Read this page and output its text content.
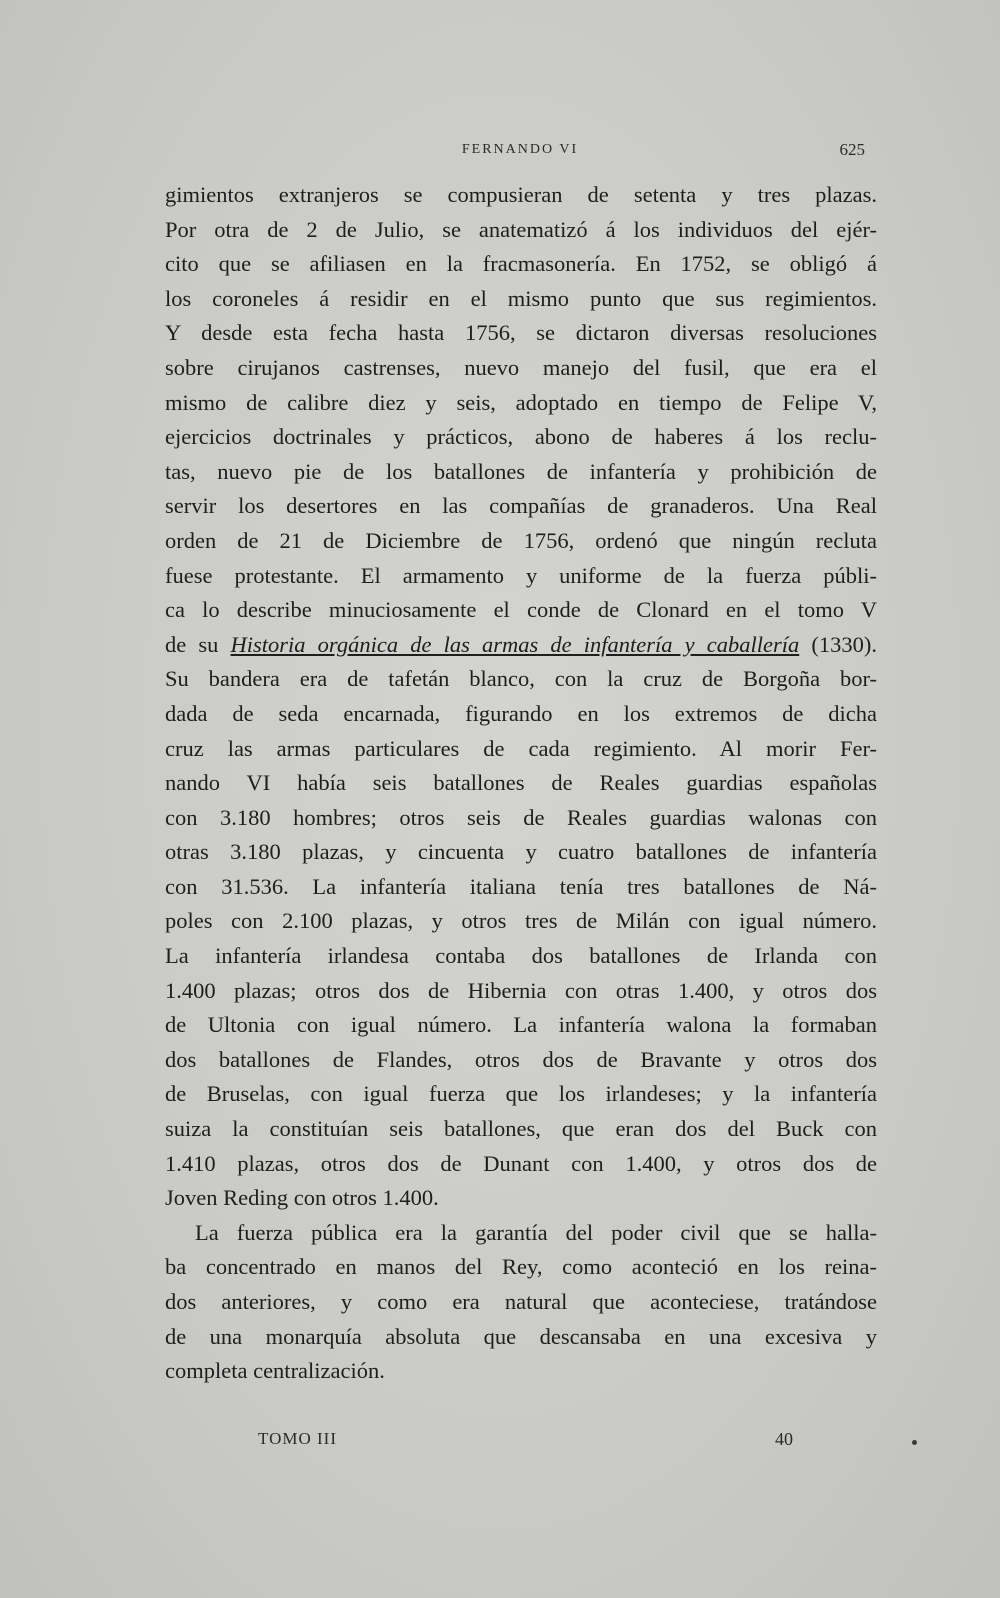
FERNANDO VI	625
gimientos extranjeros se compusieran de setenta y tres plazas.
Por otra de 2 de Julio, se anatematizó á los individuos del ejér-
cito que se afiliasen en la fracmasonería. En 1752, se obligó á
los coroneles á residir en el mismo punto que sus regimientos.
Y desde esta fecha hasta 1756, se dictaron diversas resoluciones
sobre cirujanos castrenses, nuevo manejo del fusil, que era el
mismo de calibre diez y seis, adoptado en tiempo de Felipe V,
ejercicios doctrinales y prácticos, abono de haberes á los reclu-
tas, nuevo pie de los batallones de infantería y prohibición de
servir los desertores en las compañías de granaderos. Una Real
orden de 21 de Diciembre de 1756, ordenó que ningún recluta
fuese protestante. El armamento y uniforme de la fuerza públi-
ca lo describe minuciosamente el conde de Clonard en el tomo V
de su Historia orgánica de las armas de infantería y caballería (1330).
Su bandera era de tafetán blanco, con la cruz de Borgoña bor-
dada de seda encarnada, figurando en los extremos de dicha
cruz las armas particulares de cada regimiento. Al morir Fer-
nando VI había seis batallones de Reales guardias españolas
con 3.180 hombres; otros seis de Reales guardias walonas con
otras 3.180 plazas, y cincuenta y cuatro batallones de infantería
con 31.536. La infantería italiana tenía tres batallones de Ná-
poles con 2.100 plazas, y otros tres de Milán con igual número.
La infantería irlandesa contaba dos batallones de Irlanda con
1.400 plazas; otros dos de Hibernia con otras 1.400, y otros dos
de Ultonia con igual número. La infantería walona la formaban
dos batallones de Flandes, otros dos de Bravante y otros dos
de Bruselas, con igual fuerza que los irlandeses; y la infantería
suiza la constituían seis batallones, que eran dos del Buck con
1.410 plazas, otros dos de Dunant con 1.400, y otros dos de
Joven Reding con otros 1.400.
La fuerza pública era la garantía del poder civil que se halla-
ba concentrado en manos del Rey, como aconteció en los reina-
dos anteriores, y como era natural que aconteciese, tratándose
de una monarquía absoluta que descansaba en una excesiva y
completa centralización.
TOMO III	40
